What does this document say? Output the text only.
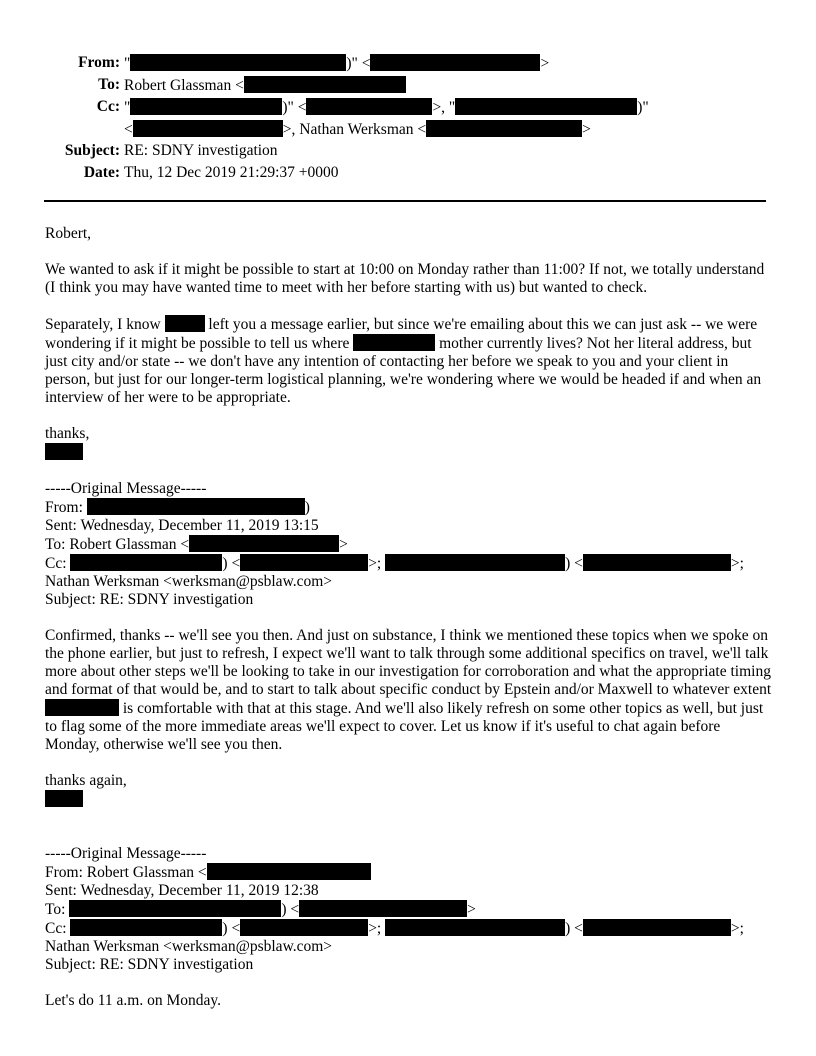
From: "	)" <	>
To: Robert Glassman <
Cc: "	)" <	>, "	)"
<	>, Nathan Werksman <	>
Subject: RE: SDNY investigation
Date: Thu, 12 Dec 2019 21:29:37 +0000

Robert,

We wanted to ask if it might be possible to start at 10:00 on Monday rather than 11:00? If not, we totally understand (I think you may have wanted time to meet with her before starting with us) but wanted to check.

Separately, I know	left you a message earlier, but since we're emailing about this we can just ask -- we were wondering if it might be possible to tell us where	mother currently lives? Not her literal address, but just city and/or state -- we don't have any intention of contacting her before we speak to you and your client in person, but just for our longer-term logistical planning, we're wondering where we would be headed if and when an interview of her were to be appropriate.

thanks,
-----Original Message-----
From:	)
Sent: Wednesday, December 11, 2019 13:15
To: Robert Glassman <	>
Cc:	) <	>;	) <	>;
Nathan Werksman <werksman@psblaw.com>
Subject: RE: SDNY investigation

Confirmed, thanks -- we'll see you then. And just on substance, I think we mentioned these topics when we spoke on the phone earlier, but just to refresh, I expect we'll want to talk through some additional specifics on travel, we'll talk more about other steps we'll be looking to take in our investigation for corroboration and what the appropriate timing and format of that would be, and to start to talk about specific conduct by Epstein and/or Maxwell to whatever extent  is comfortable with that at this stage. And we'll also likely refresh on some other topics as well, but just to flag some of the more immediate areas we'll expect to cover. Let us know if it's useful to chat again before Monday, otherwise we'll see you then.

thanks again,
-----Original Message-----
From: Robert Glassman <
Sent: Wednesday, December 11, 2019 12:38
To:	) <	>
Cc:	) <	>;	) <	>;
Nathan Werksman <werksman@psblaw.com>
Subject: RE: SDNY investigation
Let's do 11 a.m. on Monday.
